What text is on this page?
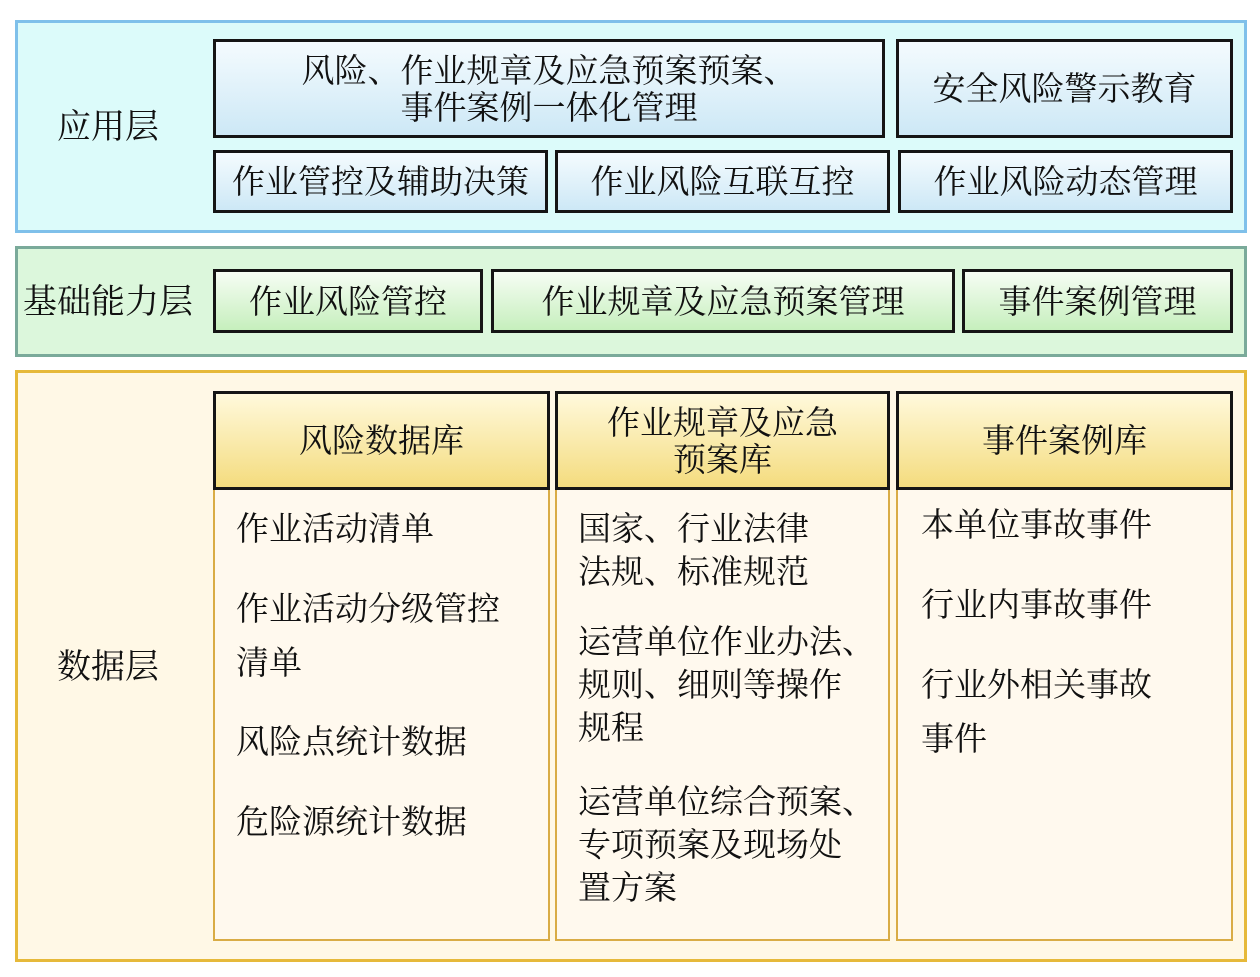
应用层
风险、作业规章及应急预案预案、
事件案例一体化管理	安全风险警示教育
作业管控及辅助决策	作业风险互联互控	作业风险动态管理
基础能力层	作业风险管控	作业规章及应急预案管理	事件案例管理
数据层
风险数据库
作业活动清单
作业活动分级管控
清单
风险点统计数据
危险源统计数据
作业规章及应急
预案库
国家、行业法律
法规、标准规范
运营单位作业办法、
规则、细则等操作
规程
运营单位综合预案、
专项预案及现场处
置方案
事件案例库
本单位事故事件
行业内事故事件
行业外相关事故
事件
